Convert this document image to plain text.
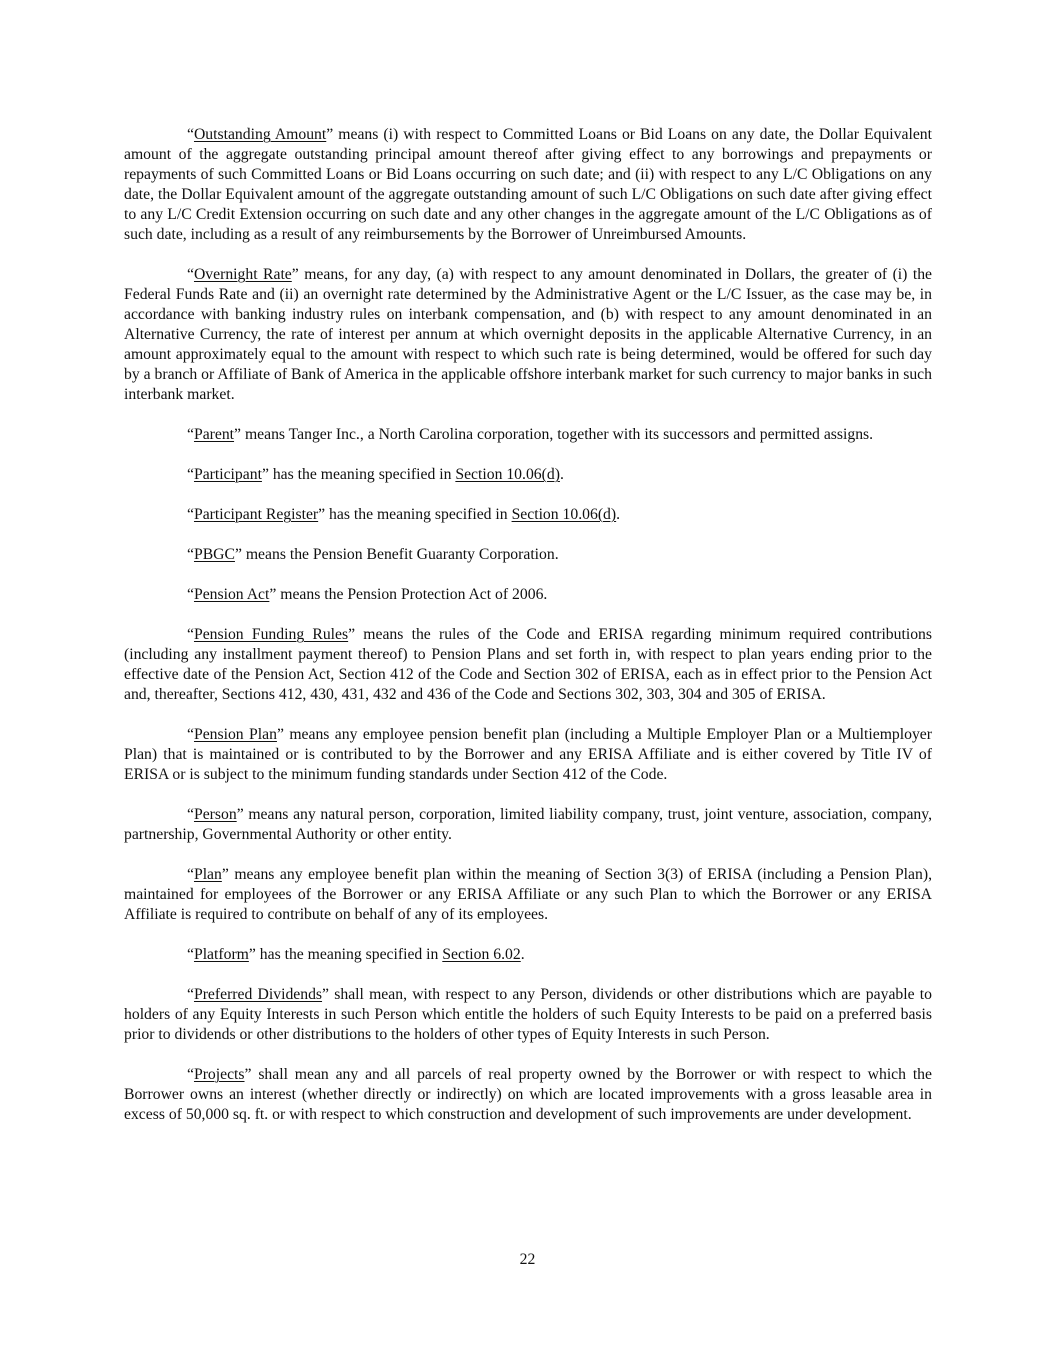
“Outstanding Amount” means (i) with respect to Committed Loans or Bid Loans on any date, the Dollar Equivalent amount of the aggregate outstanding principal amount thereof after giving effect to any borrowings and prepayments or repayments of such Committed Loans or Bid Loans occurring on such date; and (ii) with respect to any L/C Obligations on any date, the Dollar Equivalent amount of the aggregate outstanding amount of such L/C Obligations on such date after giving effect to any L/C Credit Extension occurring on such date and any other changes in the aggregate amount of the L/C Obligations as of such date, including as a result of any reimbursements by the Borrower of Unreimbursed Amounts.

“Overnight Rate” means, for any day, (a) with respect to any amount denominated in Dollars, the greater of (i) the Federal Funds Rate and (ii) an overnight rate determined by the Administrative Agent or the L/C Issuer, as the case may be, in accordance with banking industry rules on interbank compensation, and (b) with respect to any amount denominated in an Alternative Currency, the rate of interest per annum at which overnight deposits in the applicable Alternative Currency, in an amount approximately equal to the amount with respect to which such rate is being determined, would be offered for such day by a branch or Affiliate of Bank of America in the applicable offshore interbank market for such currency to major banks in such interbank market.

“Parent” means Tanger Inc., a North Carolina corporation, together with its successors and permitted assigns.

“Participant” has the meaning specified in Section 10.06(d).

“Participant Register” has the meaning specified in Section 10.06(d).

“PBGC” means the Pension Benefit Guaranty Corporation.

“Pension Act” means the Pension Protection Act of 2006.

“Pension Funding Rules” means the rules of the Code and ERISA regarding minimum required contributions (including any installment payment thereof) to Pension Plans and set forth in, with respect to plan years ending prior to the effective date of the Pension Act, Section 412 of the Code and Section 302 of ERISA, each as in effect prior to the Pension Act and, thereafter, Sections 412, 430, 431, 432 and 436 of the Code and Sections 302, 303, 304 and 305 of ERISA.

“Pension Plan” means any employee pension benefit plan (including a Multiple Employer Plan or a Multiemployer Plan) that is maintained or is contributed to by the Borrower and any ERISA Affiliate and is either covered by Title IV of ERISA or is subject to the minimum funding standards under Section 412 of the Code.

“Person” means any natural person, corporation, limited liability company, trust, joint venture, association, company, partnership, Governmental Authority or other entity.

“Plan” means any employee benefit plan within the meaning of Section 3(3) of ERISA (including a Pension Plan), maintained for employees of the Borrower or any ERISA Affiliate or any such Plan to which the Borrower or any ERISA Affiliate is required to contribute on behalf of any of its employees.

“Platform” has the meaning specified in Section 6.02.

“Preferred Dividends” shall mean, with respect to any Person, dividends or other distributions which are payable to holders of any Equity Interests in such Person which entitle the holders of such Equity Interests to be paid on a preferred basis prior to dividends or other distributions to the holders of other types of Equity Interests in such Person.

“Projects” shall mean any and all parcels of real property owned by the Borrower or with respect to which the Borrower owns an interest (whether directly or indirectly) on which are located improvements with a gross leasable area in excess of 50,000 sq. ft. or with respect to which construction and development of such improvements are under development.

22
